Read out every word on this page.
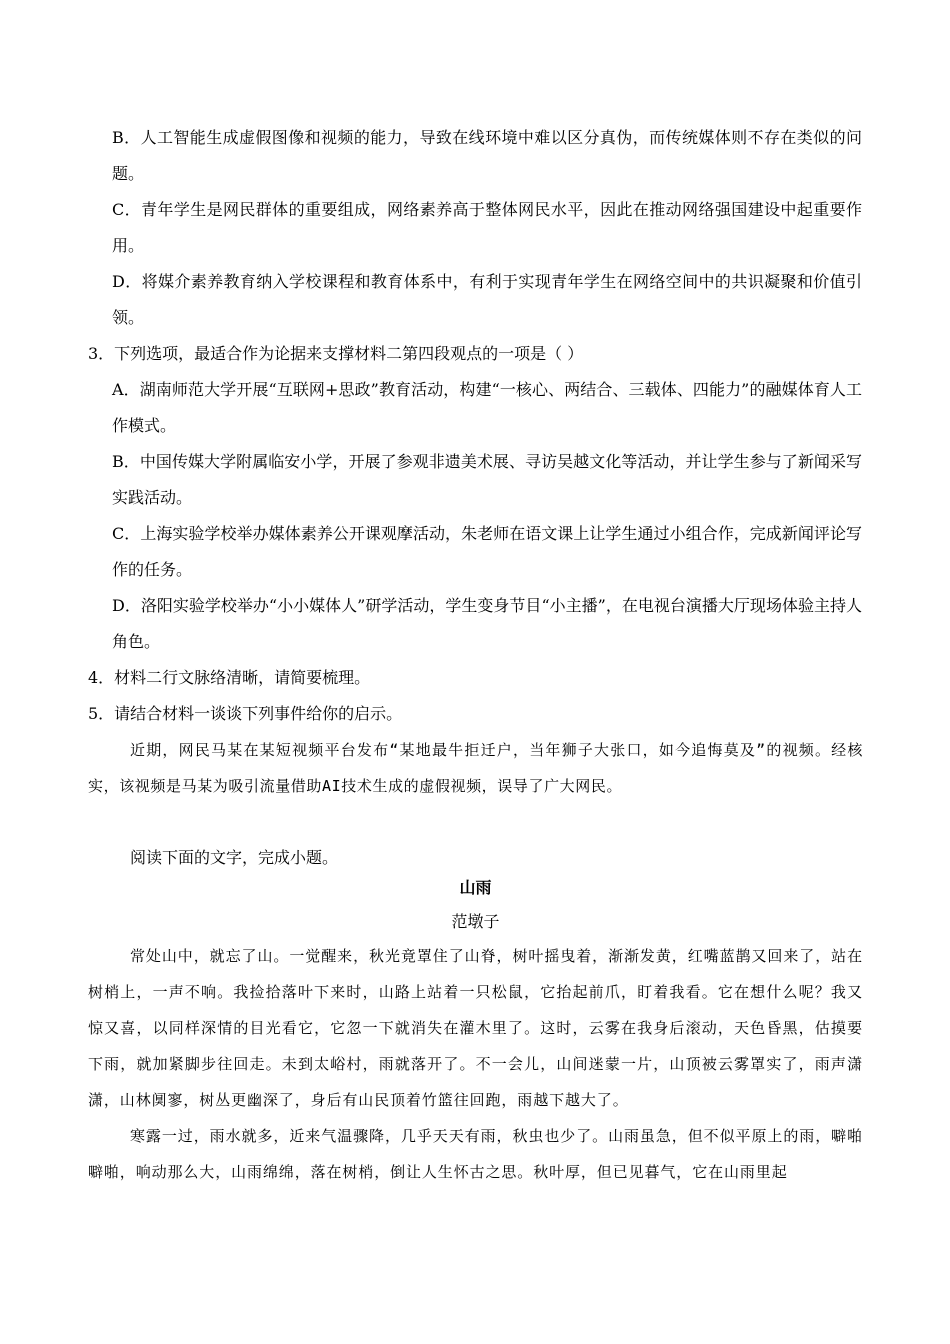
B．人工智能生成虚假图像和视频的能力，导致在线环境中难以区分真伪，而传统媒体则不存在类似的问题。
C．青年学生是网民群体的重要组成，网络素养高于整体网民水平，因此在推动网络强国建设中起重要作用。
D．将媒介素养教育纳入学校课程和教育体系中，有利于实现青年学生在网络空间中的共识凝聚和价值引领。
3．下列选项，最适合作为论据来支撑材料二第四段观点的一项是（ ）
A．湖南师范大学开展“互联网+思政”教育活动，构建“一核心、两结合、三载体、四能力”的融媒体育人工作模式。
B．中国传媒大学附属临安小学，开展了参观非遗美术展、寻访吴越文化等活动，并让学生参与了新闻采写实践活动。
C．上海实验学校举办媒体素养公开课观摩活动，朱老师在语文课上让学生通过小组合作，完成新闻评论写作的任务。
D．洛阳实验学校举办“小小媒体人”研学活动，学生变身节目“小主播”，在电视台演播大厅现场体验主持人角色。
4．材料二行文脉络清晰，请简要梳理。
5．请结合材料一谈谈下列事件给你的启示。
近期，网民马某在某短视频平台发布“某地最牛拒迁户，当年狮子大张口，如今追悔莫及”的视频。经核实，该视频是马某为吸引流量借助AI技术生成的虚假视频，误导了广大网民。
阅读下面的文字，完成小题。
山雨
范墩子
常处山中，就忘了山。一觉醒来，秋光竟罩住了山脊，树叶摇曳着，渐渐发黄，红嘴蓝鹊又回来了，站在树梢上，一声不响。我捡拾落叶下来时，山路上站着一只松鼠，它抬起前爪，盯着我看。它在想什么呢？我又惊又喜，以同样深情的目光看它，它忽一下就消失在灌木里了。这时，云雾在我身后滚动，天色昏黑，估摸要下雨，就加紧脚步往回走。未到太峪村，雨就落开了。不一会儿，山间迷蒙一片，山顶被云雾罩实了，雨声潇潇，山林阒寥，树丛更幽深了，身后有山民顶着竹篮往回跑，雨越下越大了。
寒露一过，雨水就多，近来气温骤降，几乎天天有雨，秋虫也少了。山雨虽急，但不似平原上的雨，噼啪噼啪，响动那么大，山雨绵绵，落在树梢，倒让人生怀古之思。秋叶厚，但已见暮气，它在山雨里起
